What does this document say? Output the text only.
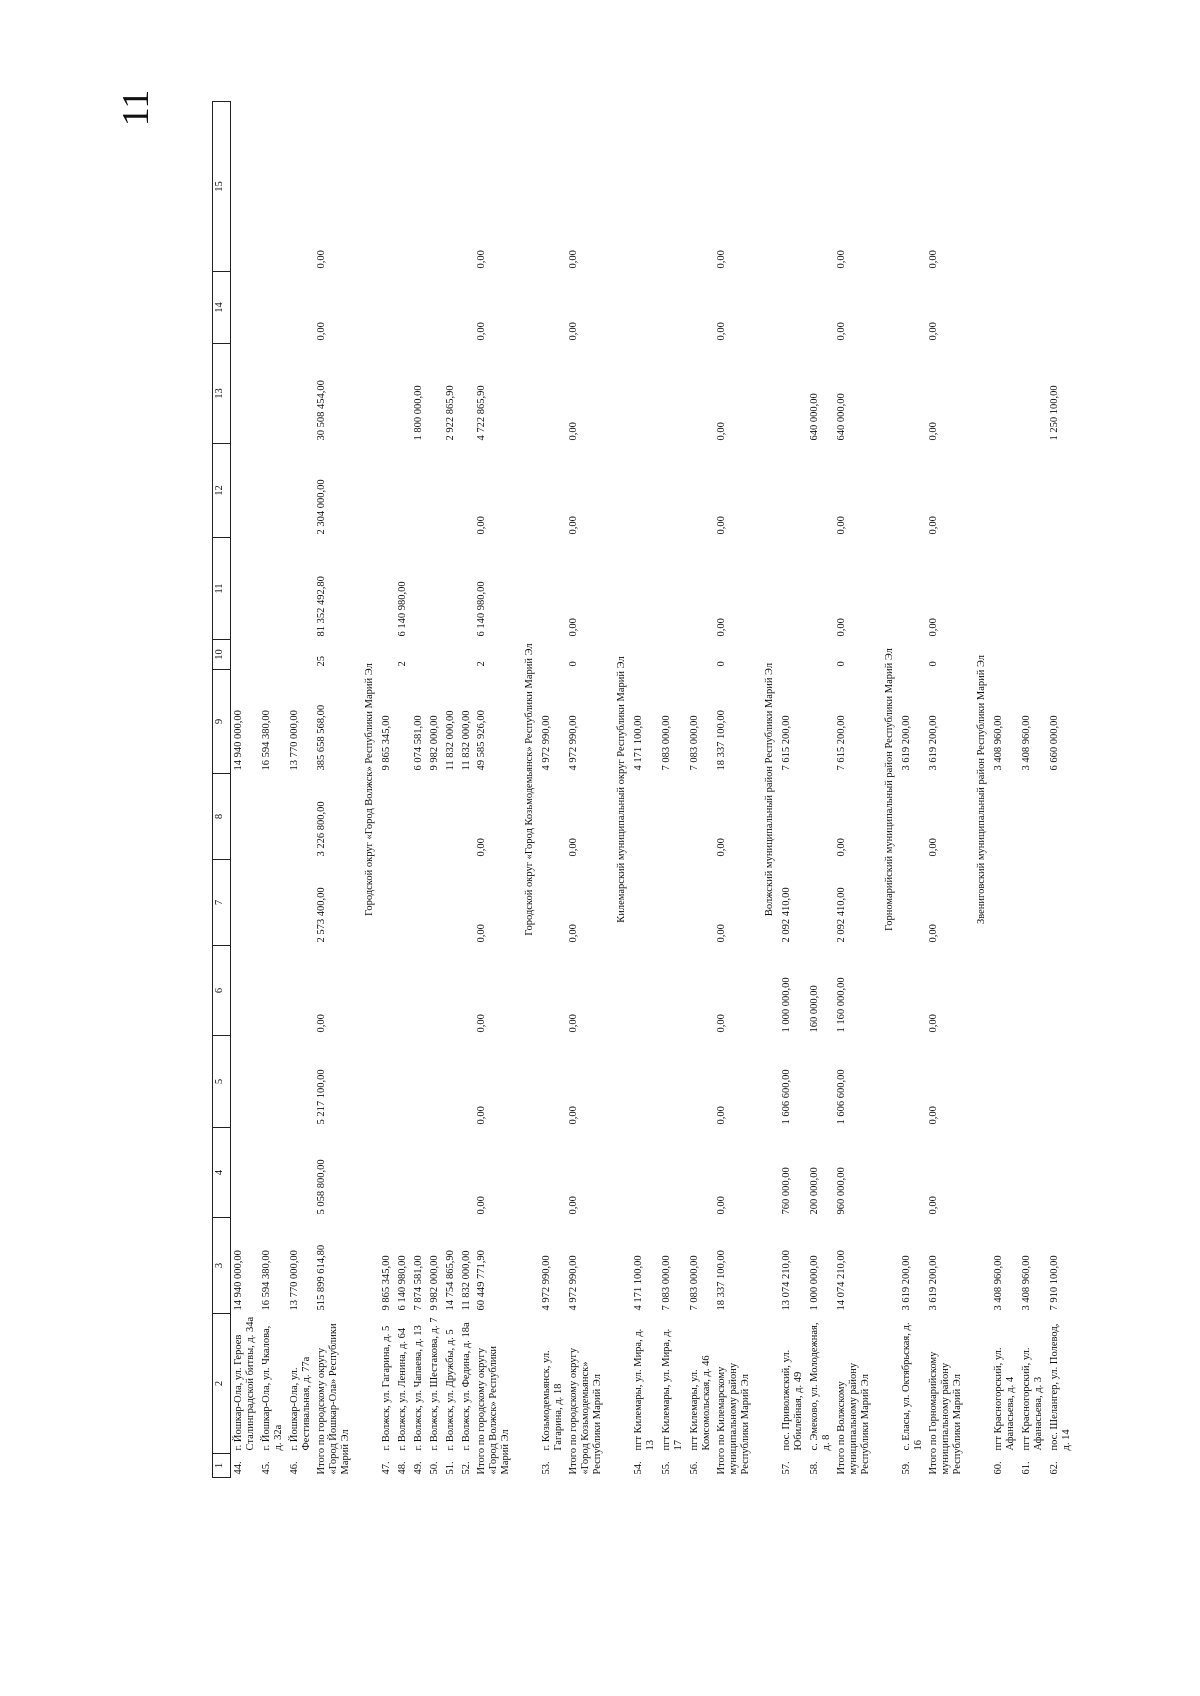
11
1	2	3	4	5	6	7	8	9	10	11	12	13	14	15
44.	г. Йошкар-Ола, ул. Героев Сталинградской битвы, д. 34а	14 940 000,00						14 940 000,00						
45.	г. Йошкар-Ола, ул. Чкалова, д. 32а	16 594 380,00						16 594 380,00						
46.	г. Йошкар-Ола, ул. Фестивальная, д. 77а	13 770 000,00						13 770 000,00						
Итого по городскому округу «Город Йошкар-Ола» Республики Марий Эл		515 899 614,80	5 058 800,00	5 217 100,00	0,00	2 573 400,00	3 226 800,00	385 658 568,00	25	81 352 492,80	2 304 000,00	30 508 454,00	0,00	0,00
Городской округ «Город Волжск» Республики Марий Эл														
47.	г. Волжск, ул. Гагарина, д. 5	9 865 345,00						9 865 345,00						
48.	г. Волжск, ул. Ленина, д. 64	6 140 980,00							2	6 140 980,00				
49.	г. Волжск, ул. Чапаева, д. 13	7 874 581,00						6 074 581,00				1 800 000,00		
50.	г. Волжск, ул. Шестакова, д. 7	9 982 000,00						9 982 000,00						
51.	г. Волжск, ул. Дружбы, д. 5	14 754 865,90						11 832 000,00				2 922 865,90		
52.	г. Волжск, ул. Федина, д. 18а	11 832 000,00						11 832 000,00						
Итого по городскому округу «Город Волжск» Республики Марий Эл		60 449 771,90	0,00	0,00	0,00	0,00	0,00	49 585 926,00	2	6 140 980,00	0,00	4 722 865,90	0,00	0,00
Городской округ «Город Козьмодемьянск» Республики Марий Эл														
53.	г. Козьмодемьянск, ул. Гагарина, д. 18	4 972 990,00						4 972 990,00						
Итого по городскому округу «Город Козьмодемьянск» Республики Марий Эл		4 972 990,00	0,00	0,00	0,00	0,00	0,00	4 972 990,00	0	0,00	0,00	0,00	0,00	0,00
Килемарский муниципальный округ Республики Марий Эл														
54.	пгт Килемары, ул. Мира, д. 13	4 171 100,00						4 171 100,00						
55.	пгт Килемары, ул. Мира, д. 17	7 083 000,00						7 083 000,00						
56.	пгт Килемары, ул. Комсомольская, д. 46	7 083 000,00						7 083 000,00						
Итого по Килемарскому муниципальному району Республики Марий Эл		18 337 100,00	0,00	0,00	0,00	0,00	0,00	18 337 100,00	0	0,00	0,00	0,00	0,00	0,00
Волжский муниципальный район Республики Марий Эл														
57.	пос. Приволжский, ул. Юбилейная, д. 49	13 074 210,00	760 000,00	1 606 600,00	1 000 000,00	2 092 410,00		7 615 200,00						
58.	с. Эмеково, ул. Молодежная, д. 8	1 000 000,00	200 000,00		160 000,00							640 000,00		
Итого по Волжскому муниципальному району Республики Марий Эл		14 074 210,00	960 000,00	1 606 600,00	1 160 000,00	2 092 410,00	0,00	7 615 200,00	0	0,00	0,00	640 000,00	0,00	0,00
Горномарийский муниципальный район Республики Марий Эл														
59.	с. Еласы, ул. Октябрьская, д. 16	3 619 200,00						3 619 200,00						
Итого по Горномарийскому муниципальному району Республики Марий Эл		3 619 200,00	0,00	0,00	0,00	0,00	0,00	3 619 200,00	0	0,00	0,00	0,00	0,00	0,00
Звениговский муниципальный район Республики Марий Эл														
60.	пгт Красногорский, ул. Афанасьева, д. 4	3 408 960,00						3 408 960,00						
61.	пгт Красногорский, ул. Афанасьева, д. 3	3 408 960,00						3 408 960,00						
62.	пос. Шелангер, ул. Полевод, д. 14	7 910 100,00						6 660 000,00				1 250 100,00		
